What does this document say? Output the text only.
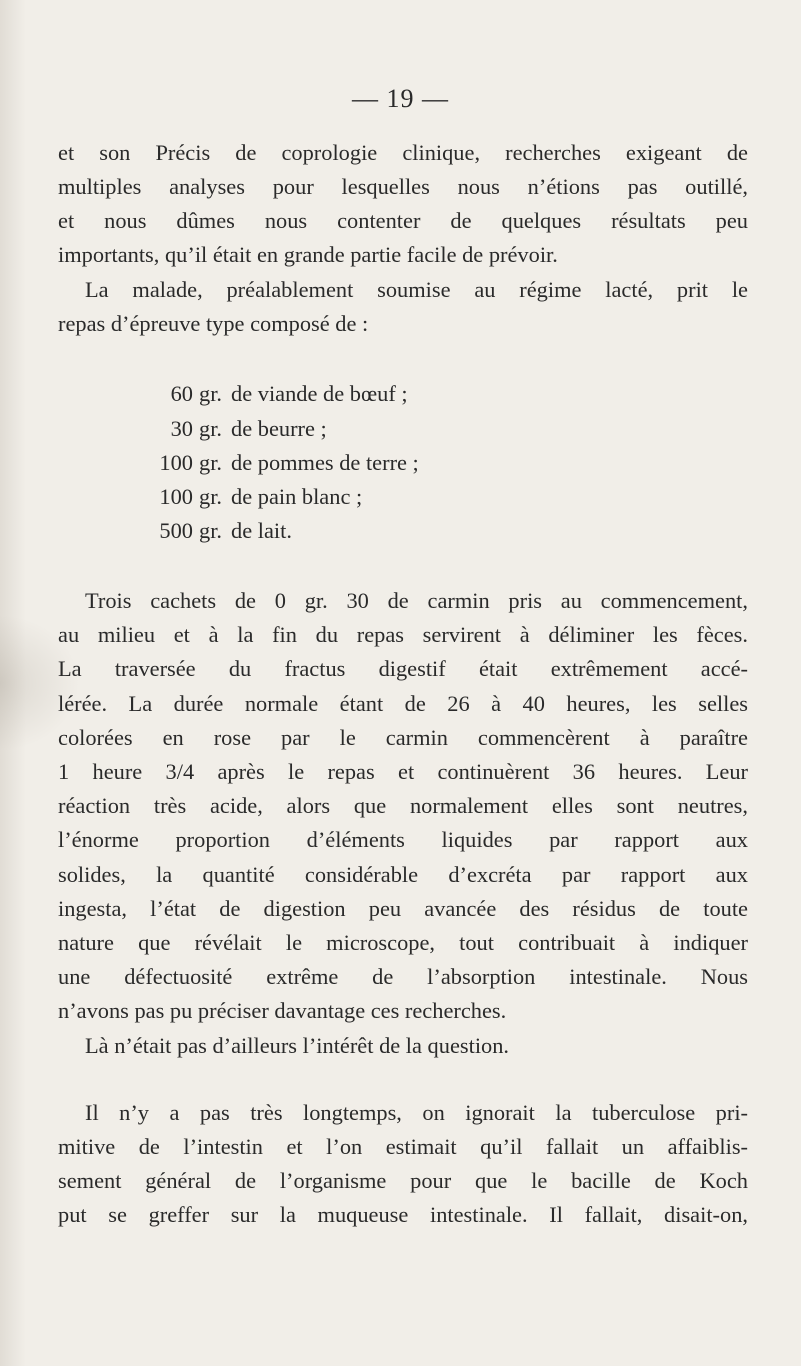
— 19 —
et son Précis de coprologie clinique, recherches exigeant de
multiples analyses pour lesquelles nous n’étions pas outillé,
et nous dûmes nous contenter de quelques résultats peu
importants, qu’il était en grande partie facile de prévoir.
La malade, préalablement soumise au régime lacté, prit le
repas d’épreuve type composé de :
60 gr. de viande de bœuf ;
30 gr. de beurre ;
100 gr. de pommes de terre ;
100 gr. de pain blanc ;
500 gr. de lait.
Trois cachets de 0 gr. 30 de carmin pris au commencement,
au milieu et à la fin du repas servirent à déliminer les fèces.
La traversée du fractus digestif était extrêmement accé-
lérée. La durée normale étant de 26 à 40 heures, les selles
colorées en rose par le carmin commencèrent à paraître
1 heure 3/4 après le repas et continuèrent 36 heures. Leur
réaction très acide, alors que normalement elles sont neutres,
l’énorme proportion d’éléments liquides par rapport aux
solides, la quantité considérable d’excréta par rapport aux
ingesta, l’état de digestion peu avancée des résidus de toute
nature que révélait le microscope, tout contribuait à indiquer
une défectuosité extrême de l’absorption intestinale. Nous
n’avons pas pu préciser davantage ces recherches.
Là n’était pas d’ailleurs l’intérêt de la question.
Il n’y a pas très longtemps, on ignorait la tuberculose pri-
mitive de l’intestin et l’on estimait qu’il fallait un affaiblis-
sement général de l’organisme pour que le bacille de Koch
put se greffer sur la muqueuse intestinale. Il fallait, disait-on,
